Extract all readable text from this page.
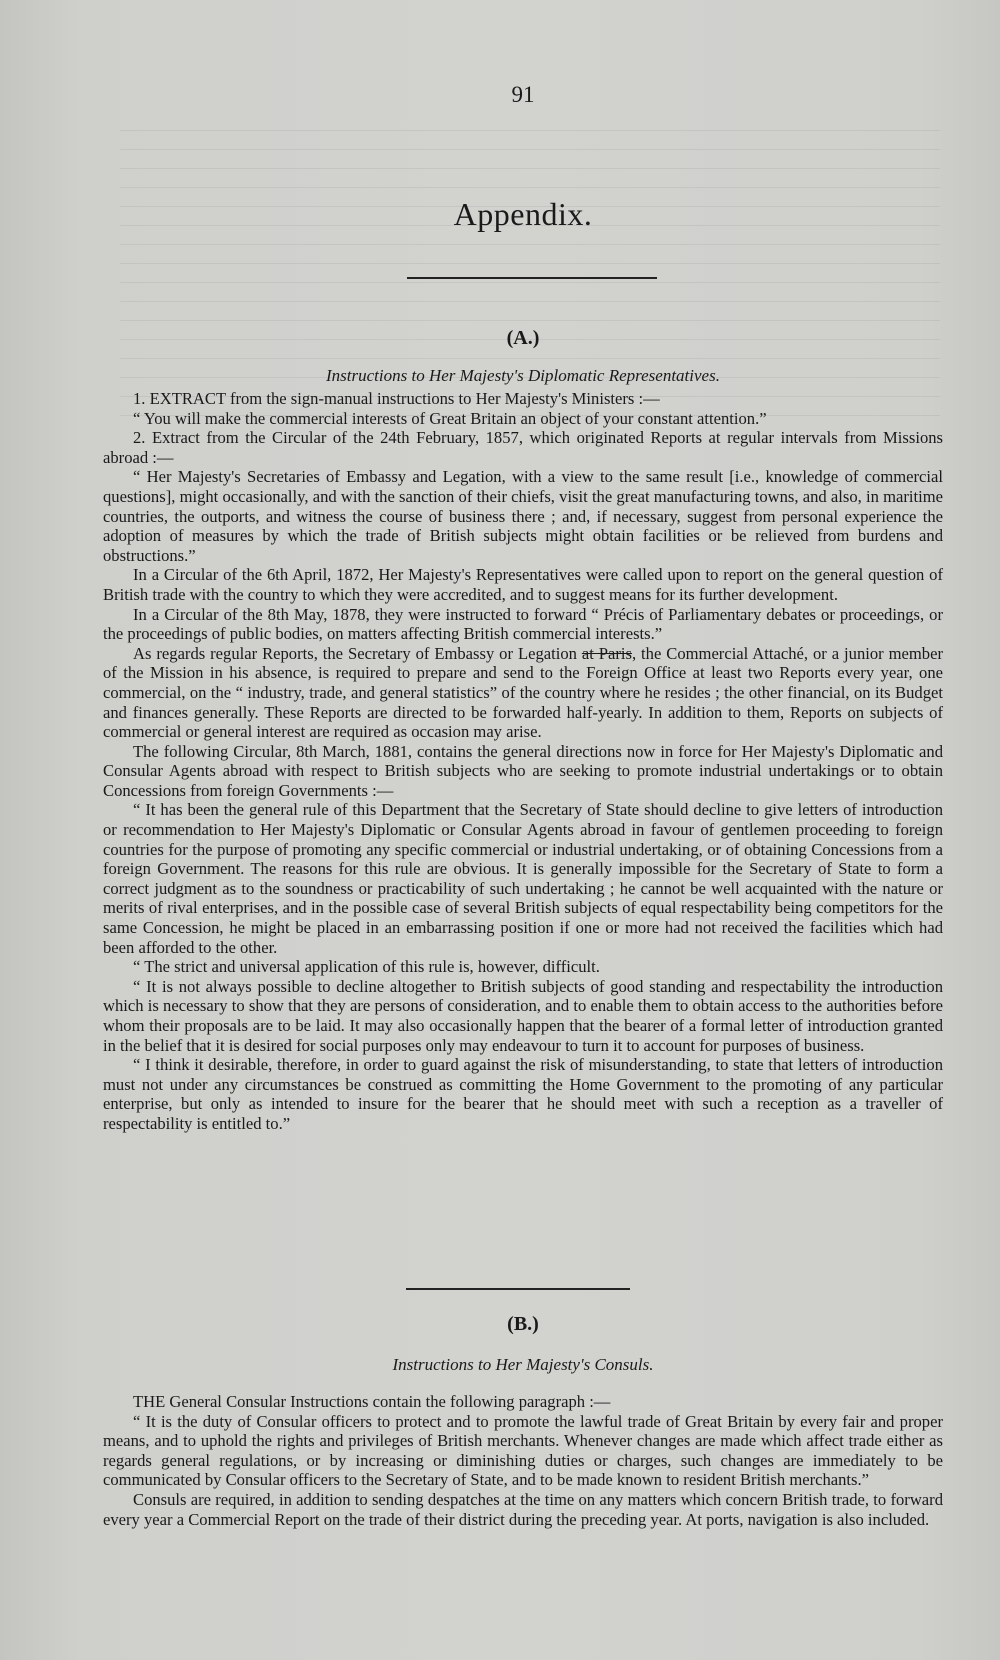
91
Appendix.
(A.)
Instructions to Her Majesty's Diplomatic Representatives.

1. EXTRACT from the sign-manual instructions to Her Majesty's Ministers :—

“ You will make the commercial interests of Great Britain an object of your constant attention.”

2. Extract from the Circular of the 24th February, 1857, which originated Reports at regular intervals from Missions abroad :—

“ Her Majesty's Secretaries of Embassy and Legation, with a view to the same result [i.e., knowledge of commercial questions], might occasionally, and with the sanction of their chiefs, visit the great manufacturing towns, and also, in maritime countries, the outports, and witness the course of business there ; and, if necessary, suggest from personal experience the adoption of measures by which the trade of British subjects might obtain facilities or be relieved from burdens and obstructions.”

In a Circular of the 6th April, 1872, Her Majesty's Representatives were called upon to report on the general question of British trade with the country to which they were accredited, and to suggest means for its further development.

In a Circular of the 8th May, 1878, they were instructed to forward “ Précis of Parliamentary debates or proceedings, or the proceedings of public bodies, on matters affecting British commercial interests.”

As regards regular Reports, the Secretary of Embassy or Legation at Paris, the Commercial Attaché, or a junior member of the Mission in his absence, is required to prepare and send to the Foreign Office at least two Reports every year, one commercial, on the “ industry, trade, and general statistics” of the country where he resides ; the other financial, on its Budget and finances generally. These Reports are directed to be forwarded half-yearly. In addition to them, Reports on subjects of commercial or general interest are required as occasion may arise.

The following Circular, 8th March, 1881, contains the general directions now in force for Her Majesty's Diplomatic and Consular Agents abroad with respect to British subjects who are seeking to promote industrial undertakings or to obtain Concessions from foreign Governments :—

“ It has been the general rule of this Department that the Secretary of State should decline to give letters of introduction or recommendation to Her Majesty's Diplomatic or Consular Agents abroad in favour of gentlemen proceeding to foreign countries for the purpose of promoting any specific commercial or industrial undertaking, or of obtaining Concessions from a foreign Government. The reasons for this rule are obvious. It is generally impossible for the Secretary of State to form a correct judgment as to the soundness or practicability of such undertaking ; he cannot be well acquainted with the nature or merits of rival enterprises, and in the possible case of several British subjects of equal respectability being competitors for the same Concession, he might be placed in an embarrassing position if one or more had not received the facilities which had been afforded to the other.

“ The strict and universal application of this rule is, however, difficult.

“ It is not always possible to decline altogether to British subjects of good standing and respectability the introduction which is necessary to show that they are persons of consideration, and to enable them to obtain access to the authorities before whom their proposals are to be laid. It may also occasionally happen that the bearer of a formal letter of introduction granted in the belief that it is desired for social purposes only may endeavour to turn it to account for purposes of business.

“ I think it desirable, therefore, in order to guard against the risk of misunderstanding, to state that letters of introduction must not under any circumstances be construed as committing the Home Government to the promoting of any particular enterprise, but only as intended to insure for the bearer that he should meet with such a reception as a traveller of respectability is entitled to.”

(B.)
Instructions to Her Majesty's Consuls.

THE General Consular Instructions contain the following paragraph :—

“ It is the duty of Consular officers to protect and to promote the lawful trade of Great Britain by every fair and proper means, and to uphold the rights and privileges of British merchants. Whenever changes are made which affect trade either as regards general regulations, or by increasing or diminishing duties or charges, such changes are immediately to be communicated by Consular officers to the Secretary of State, and to be made known to resident British merchants.”

Consuls are required, in addition to sending despatches at the time on any matters which concern British trade, to forward every year a Commercial Report on the trade of their district during the preceding year. At ports, navigation is also included.
